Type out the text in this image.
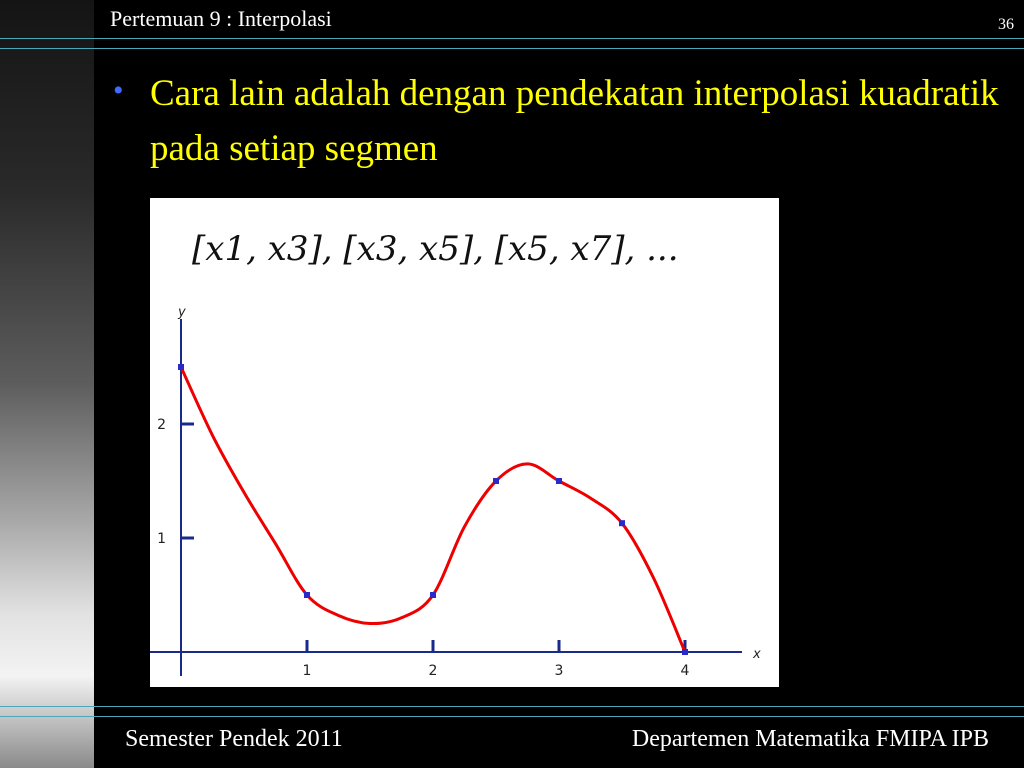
Pertemuan 9 : Interpolasi	36
• Cara lain adalah dengan pendekatan interpolasi kuadratik pada setiap segmen
[x1, x3], [x3, x5], [x5, x7], ...
x
y
1	2	3	4
1
2
Semester Pendek 2011	Departemen Matematika FMIPA IPB
